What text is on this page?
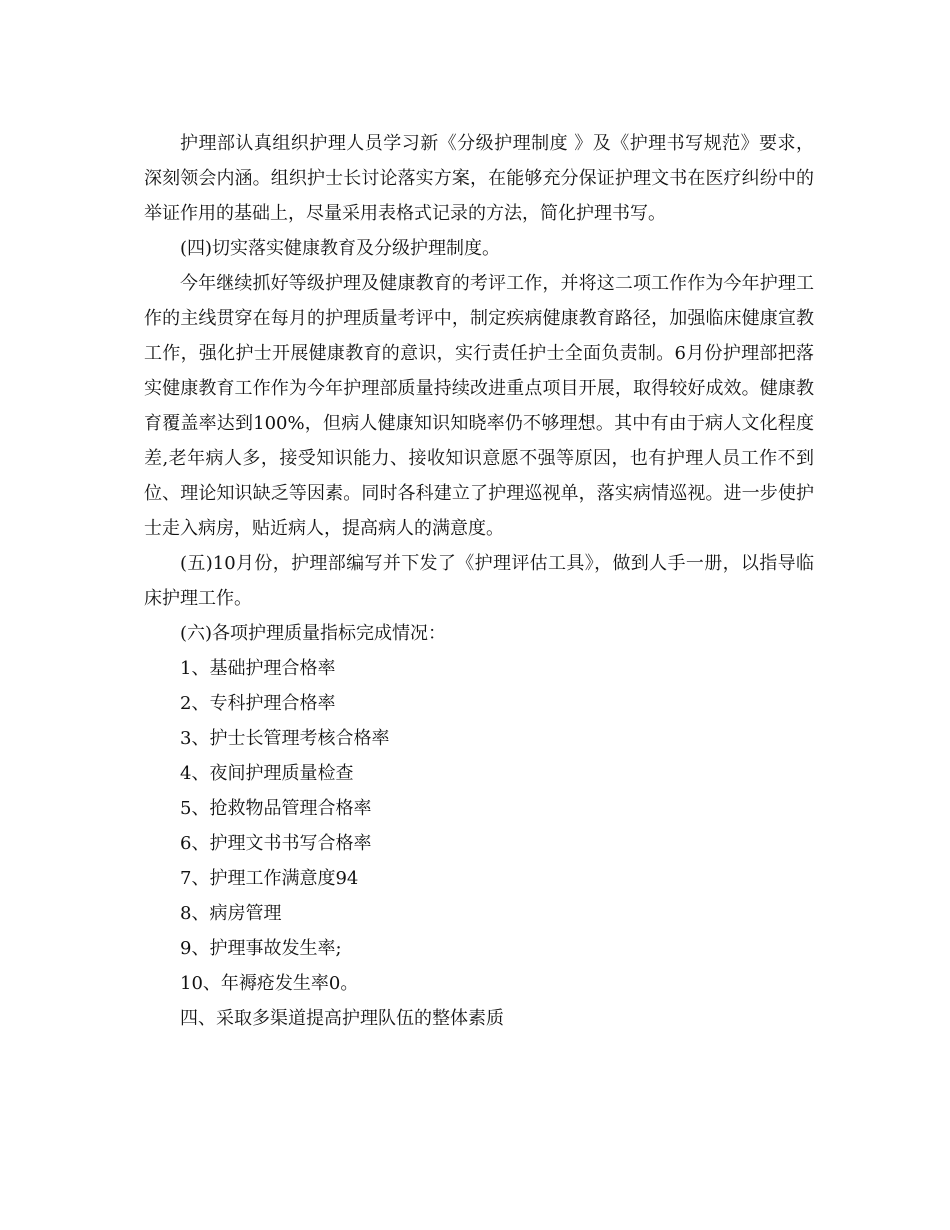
护理部认真组织护理人员学习新《分级护理制度 》及《护理书写规范》要求，深刻领会内涵。组织护士长讨论落实方案，在能够充分保证护理文书在医疗纠纷中的举证作用的基础上，尽量采用表格式记录的方法，简化护理书写。

(四)切实落实健康教育及分级护理制度。

今年继续抓好等级护理及健康教育的考评工作，并将这二项工作作为今年护理工作的主线贯穿在每月的护理质量考评中，制定疾病健康教育路径，加强临床健康宣教工作，强化护士开展健康教育的意识，实行责任护士全面负责制。6月份护理部把落实健康教育工作作为今年护理部质量持续改进重点项目开展，取得较好成效。健康教育覆盖率达到100%，但病人健康知识知晓率仍不够理想。其中有由于病人文化程度差,老年病人多，接受知识能力、接收知识意愿不强等原因，也有护理人员工作不到位、理论知识缺乏等因素。同时各科建立了护理巡视单，落实病情巡视。进一步使护士走入病房，贴近病人，提高病人的满意度。

(五)10月份，护理部编写并下发了《护理评估工具》，做到人手一册，以指导临床护理工作。

(六)各项护理质量指标完成情况：

1、基础护理合格率

2、专科护理合格率

3、护士长管理考核合格率

4、夜间护理质量检查

5、抢救物品管理合格率

6、护理文书书写合格率

7、护理工作满意度94

8、病房管理

9、护理事故发生率;

10、年褥疮发生率0。

四、采取多渠道提高护理队伍的整体素质
